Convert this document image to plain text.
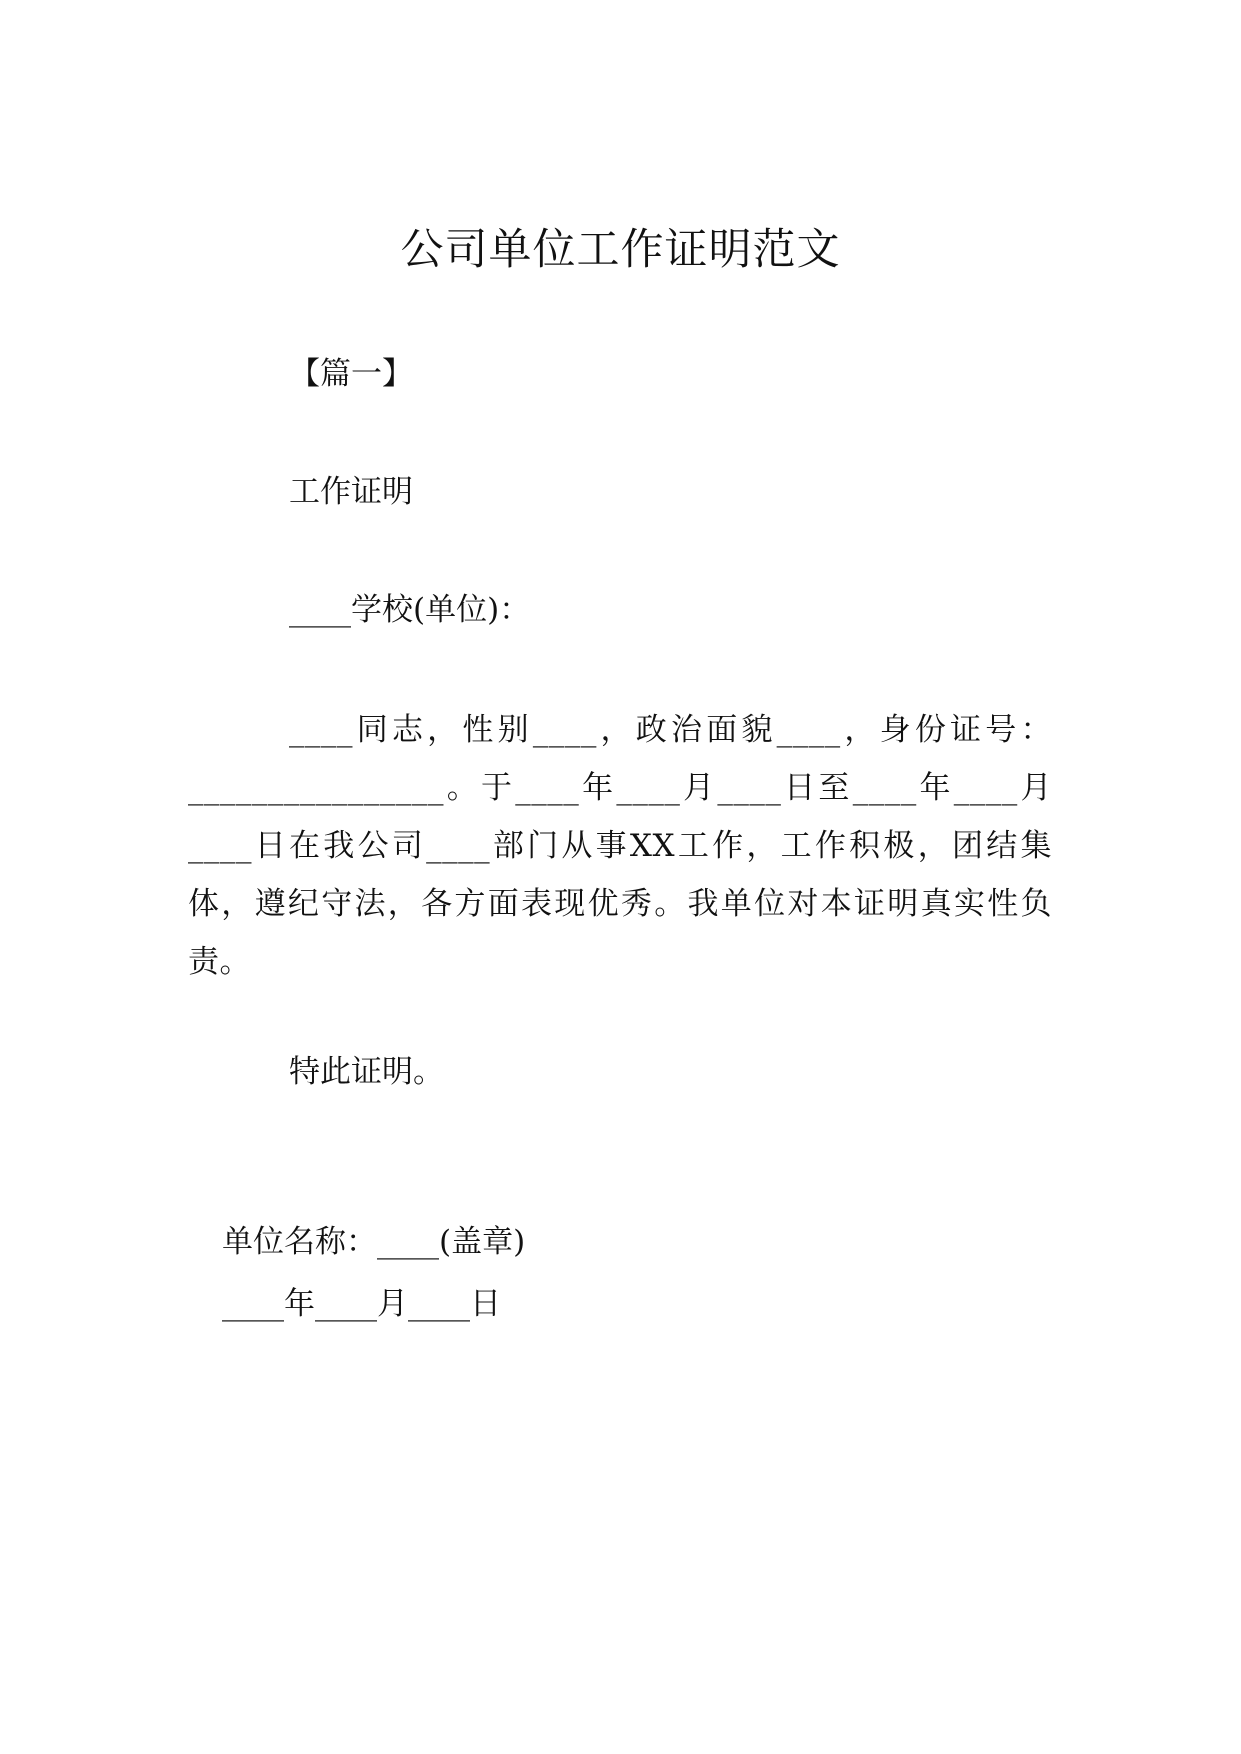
公司单位工作证明范文
【篇一】
工作证明
____学校(单位)：
____同志，性别____，政治面貌____，身份证号：________________。于____年____月____日至____年____月____日在我公司____部门从事XX工作，工作积极，团结集体，遵纪守法，各方面表现优秀。我单位对本证明真实性负责。
特此证明。
单位名称：____(盖章)
____年____月____日
